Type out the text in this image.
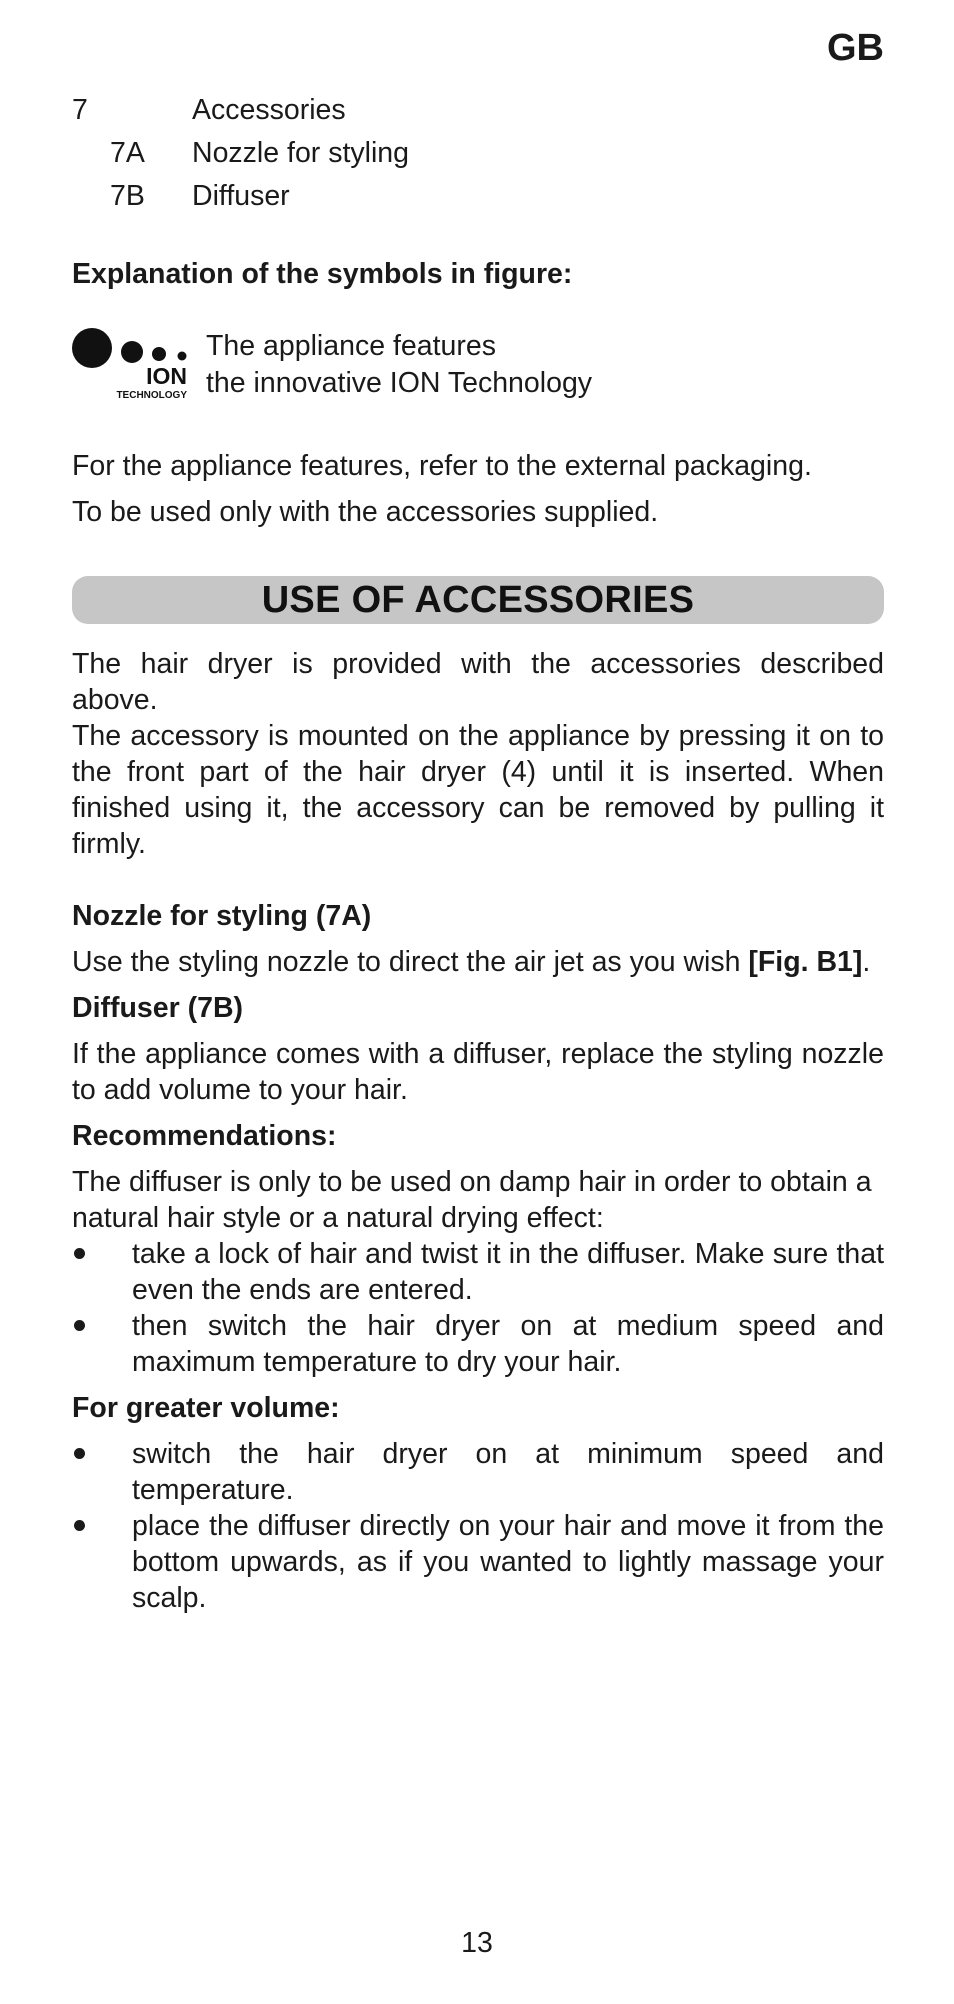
GB
7	Accessories
7A	Nozzle for styling
7B	Diffuser
Explanation of the symbols in figure:
ION
TECHNOLOGY
The appliance features
the innovative ION Technology
For the appliance features, refer to the external packaging.
To be used only with the accessories supplied.
USE OF ACCESSORIES

The hair dryer is provided with the accessories described above.

The accessory is mounted on the appliance by pressing it on to the front part of the hair dryer (4) until it is inserted. When finished using it, the accessory can be removed by pulling it firmly.

Nozzle for styling (7A)

Use the styling nozzle to direct the air jet as you wish [Fig. B1].

Diffuser (7B)

If the appliance comes with a diffuser, replace the styling nozzle to add volume to your hair.

Recommendations:

The diffuser is only to be used on damp hair in order to obtain a natural hair style or a natural drying effect:

take a lock of hair and twist it in the diffuser. Make sure that even the ends are entered.
then switch the hair dryer on at medium speed and maximum temperature to dry your hair.

For greater volume:

switch the hair dryer on at minimum speed and temperature.
place the diffuser directly on your hair and move it from the bottom upwards, as if you wanted to lightly massage your scalp.
13
